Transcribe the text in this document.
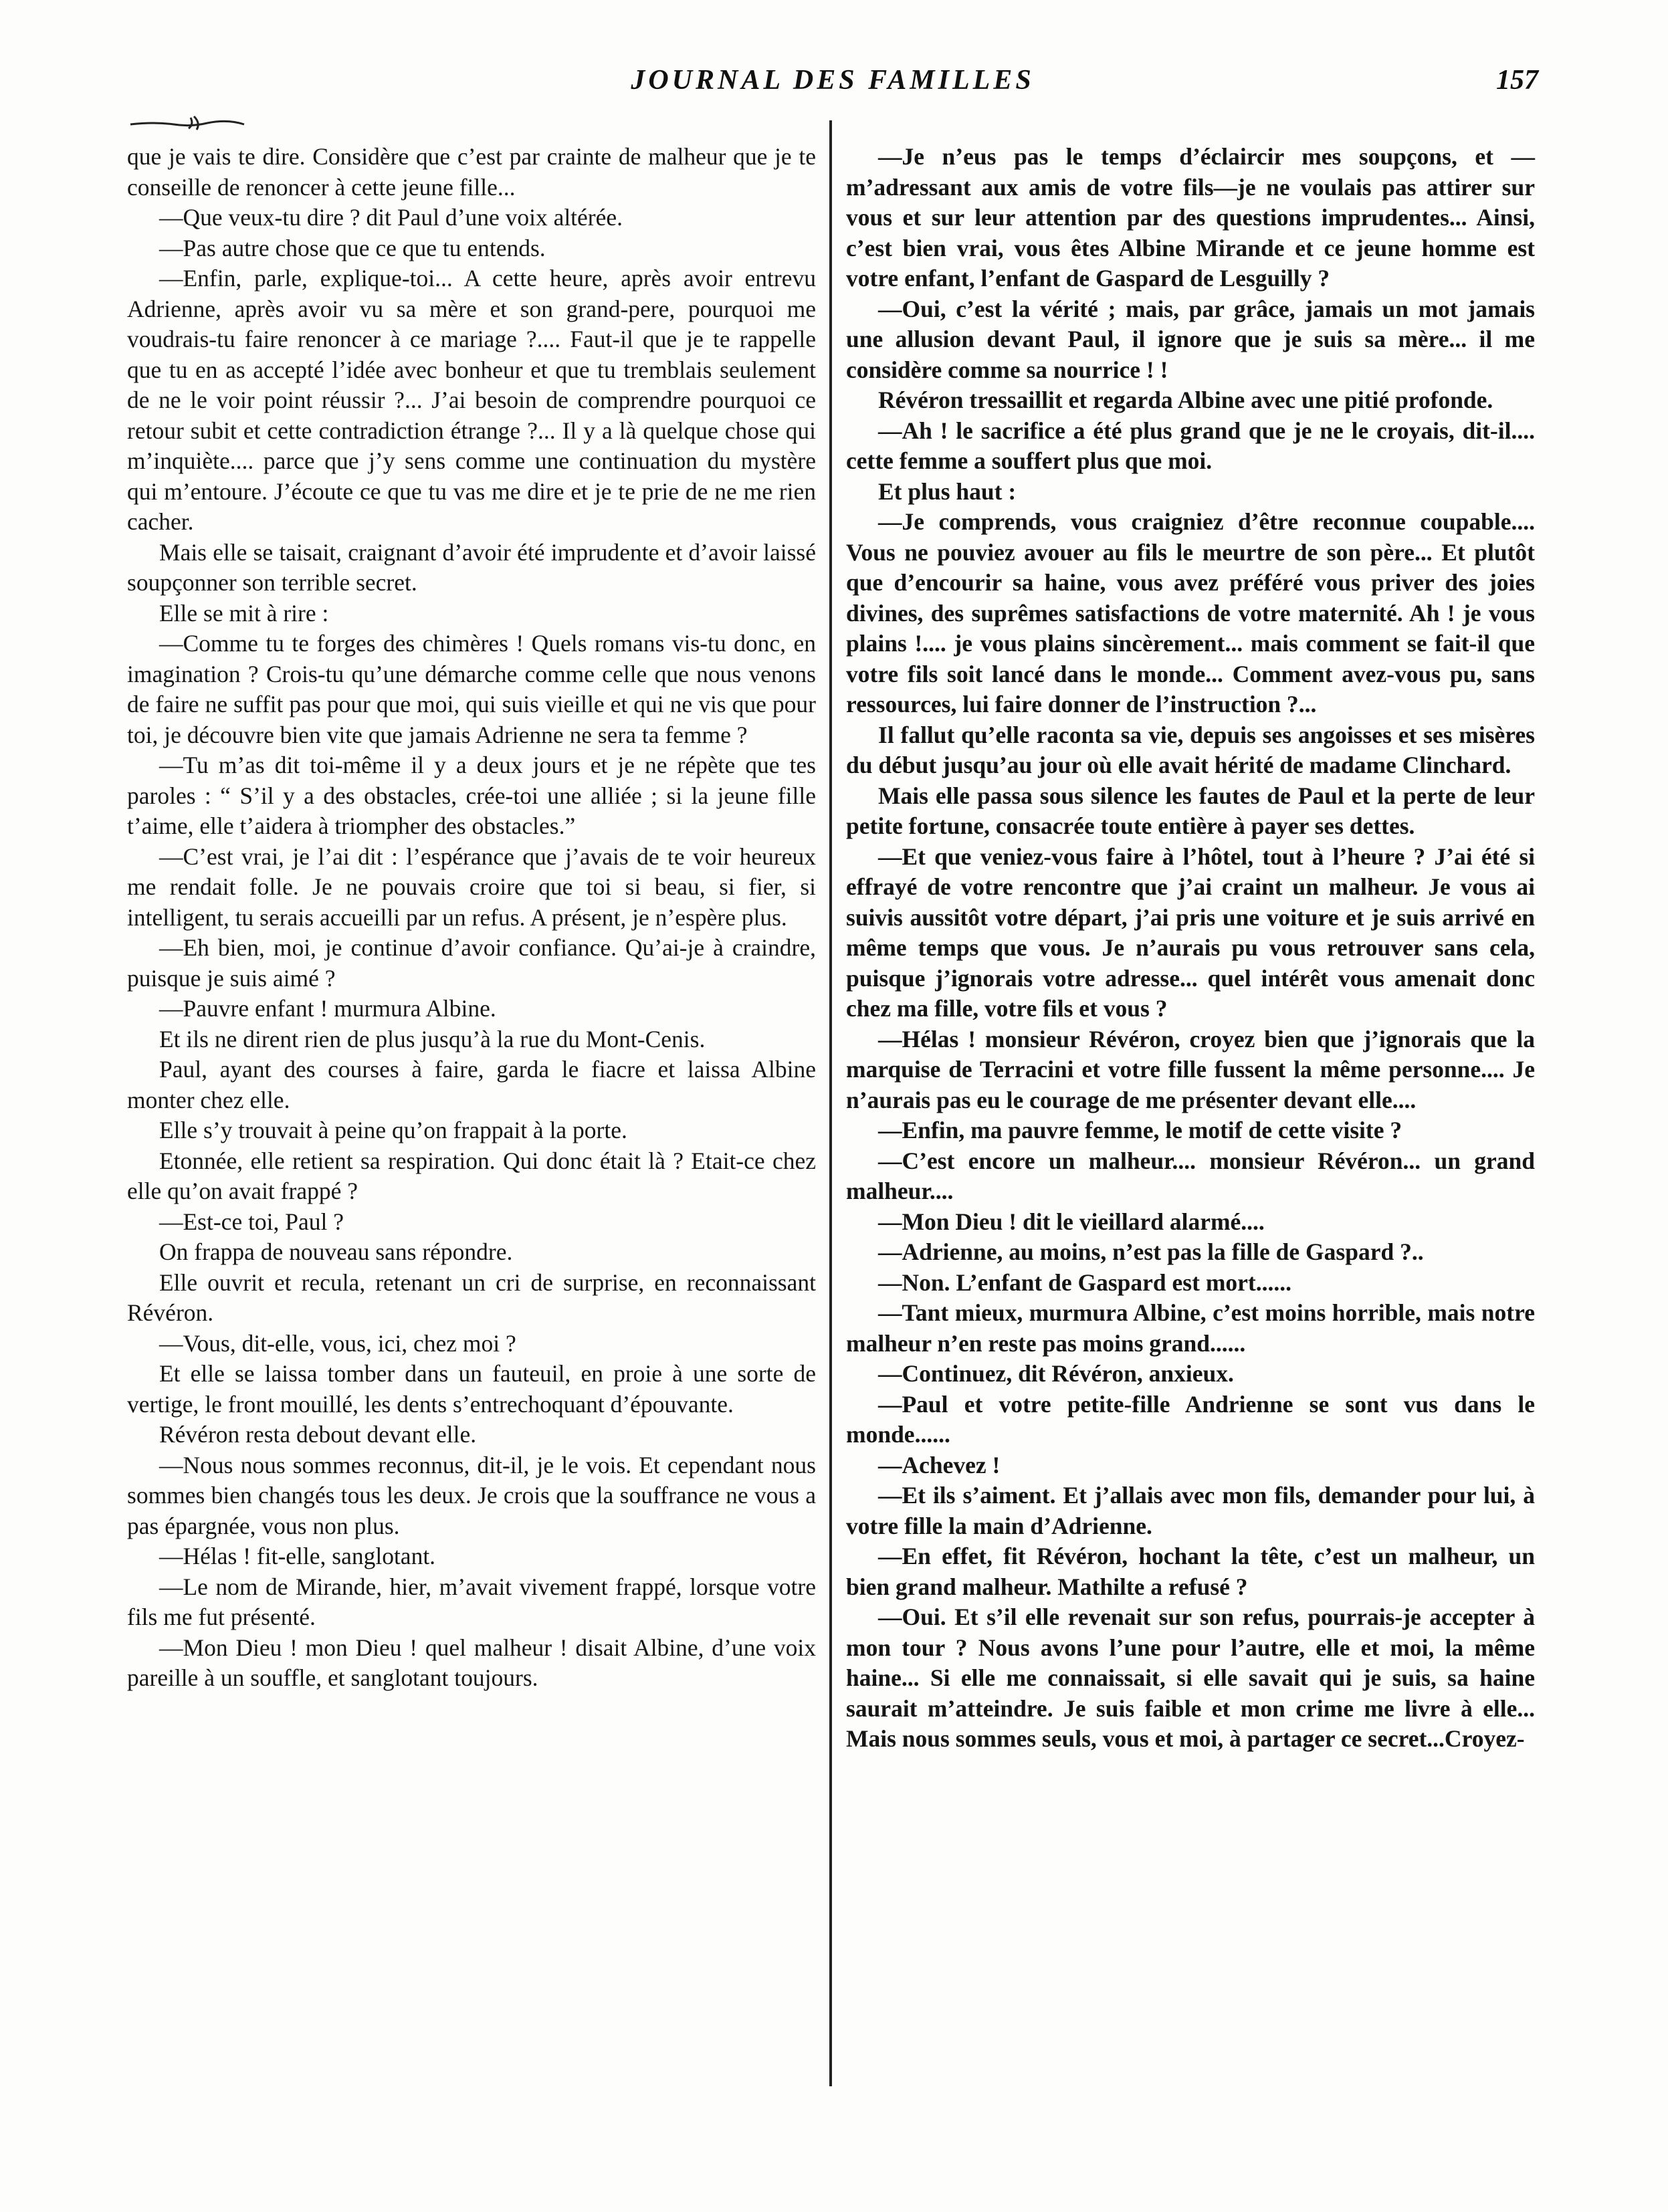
JOURNAL DES FAMILLES	157

que je vais te dire. Considère que c’est par crainte de malheur que je te conseille de renoncer à cette jeune fille...

—Que veux-tu dire ? dit Paul d’une voix altérée.

—Pas autre chose que ce que tu entends.

—Enfin, parle, explique-toi... A cette heure, après avoir entrevu Adrienne, après avoir vu sa mère et son grand-pere, pourquoi me voudrais-tu faire renoncer à ce mariage ?.... Faut-il que je te rappelle que tu en as accepté l’idée avec bonheur et que tu tremblais seulement de ne le voir point réussir ?... J’ai besoin de comprendre pourquoi ce retour subit et cette contradiction étrange ?... Il y a là quelque chose qui m’inquiète.... parce que j’y sens comme une continuation du mystère qui m’entoure. J’écoute ce que tu vas me dire et je te prie de ne me rien cacher.

Mais elle se taisait, craignant d’avoir été imprudente et d’avoir laissé soupçonner son terrible secret.

Elle se mit à rire :

—Comme tu te forges des chimères ! Quels romans vis-tu donc, en imagination ? Crois-tu qu’une démarche comme celle que nous venons de faire ne suffit pas pour que moi, qui suis vieille et qui ne vis que pour toi, je découvre bien vite que jamais Adrienne ne sera ta femme ?

—Tu m’as dit toi-même il y a deux jours et je ne répète que tes paroles : “ S’il y a des obstacles, crée-toi une alliée ; si la jeune fille t’aime, elle t’aidera à triompher des obstacles.”

—C’est vrai, je l’ai dit : l’espérance que j’avais de te voir heureux me rendait folle. Je ne pouvais croire que toi si beau, si fier, si intelligent, tu serais accueilli par un refus. A présent, je n’espère plus.

—Eh bien, moi, je continue d’avoir confiance. Qu’ai-je à craindre, puisque je suis aimé ?

—Pauvre enfant ! murmura Albine.

Et ils ne dirent rien de plus jusqu’à la rue du Mont-Cenis.

Paul, ayant des courses à faire, garda le fiacre et laissa Albine monter chez elle.

Elle s’y trouvait à peine qu’on frappait à la porte.

Etonnée, elle retient sa respiration. Qui donc était là ? Etait-ce chez elle qu’on avait frappé ?

—Est-ce toi, Paul ?

On frappa de nouveau sans répondre.

Elle ouvrit et recula, retenant un cri de surprise, en reconnaissant Révéron.

—Vous, dit-elle, vous, ici, chez moi ?

Et elle se laissa tomber dans un fauteuil, en proie à une sorte de vertige, le front mouillé, les dents s’entrechoquant d’épouvante.

Révéron resta debout devant elle.

—Nous nous sommes reconnus, dit-il, je le vois. Et cependant nous sommes bien changés tous les deux. Je crois que la souffrance ne vous a pas épargnée, vous non plus.

—Hélas ! fit-elle, sanglotant.

—Le nom de Mirande, hier, m’avait vivement frappé, lorsque votre fils me fut présenté.

—Mon Dieu ! mon Dieu ! quel malheur ! disait Albine, d’une voix pareille à un souffle, et sanglotant toujours.

—Je n’eus pas le temps d’éclaircir mes soupçons, et —m’adressant aux amis de votre fils—je ne voulais pas attirer sur vous et sur leur attention par des questions imprudentes... Ainsi, c’est bien vrai, vous êtes Albine Mirande et ce jeune homme est votre enfant, l’enfant de Gaspard de Lesguilly ?

—Oui, c’est la vérité ; mais, par grâce, jamais un mot jamais une allusion devant Paul, il ignore que je suis sa mère... il me considère comme sa nourrice ! !

Révéron tressaillit et regarda Albine avec une pitié profonde.

—Ah ! le sacrifice a été plus grand que je ne le croyais, dit-il.... cette femme a souffert plus que moi.

Et plus haut :

—Je comprends, vous craigniez d’être reconnue coupable.... Vous ne pouviez avouer au fils le meurtre de son père... Et plutôt que d’encourir sa haine, vous avez préféré vous priver des joies divines, des suprêmes satisfactions de votre maternité. Ah ! je vous plains !.... je vous plains sincèrement... mais comment se fait-il que votre fils soit lancé dans le monde... Comment avez-vous pu, sans ressources, lui faire donner de l’instruction ?...

Il fallut qu’elle raconta sa vie, depuis ses angoisses et ses misères du début jusqu’au jour où elle avait hérité de madame Clinchard.

Mais elle passa sous silence les fautes de Paul et la perte de leur petite fortune, consacrée toute entière à payer ses dettes.

—Et que veniez-vous faire à l’hôtel, tout à l’heure ? J’ai été si effrayé de votre rencontre que j’ai craint un malheur. Je vous ai suivis aussitôt votre départ, j’ai pris une voiture et je suis arrivé en même temps que vous. Je n’aurais pu vous retrouver sans cela, puisque j’ignorais votre adresse... quel intérêt vous amenait donc chez ma fille, votre fils et vous ?

—Hélas ! monsieur Révéron, croyez bien que j’ignorais que la marquise de Terracini et votre fille fussent la même personne.... Je n’aurais pas eu le courage de me présenter devant elle....

—Enfin, ma pauvre femme, le motif de cette visite ?

—C’est encore un malheur.... monsieur Révéron... un grand malheur....

—Mon Dieu ! dit le vieillard alarmé....

—Adrienne, au moins, n’est pas la fille de Gaspard ?..

—Non. L’enfant de Gaspard est mort......

—Tant mieux, murmura Albine, c’est moins horrible, mais notre malheur n’en reste pas moins grand......

—Continuez, dit Révéron, anxieux.

—Paul et votre petite-fille Andrienne se sont vus dans le monde......

—Achevez !

—Et ils s’aiment. Et j’allais avec mon fils, demander pour lui, à votre fille la main d’Adrienne.

—En effet, fit Révéron, hochant la tête, c’est un malheur, un bien grand malheur. Mathilte a refusé ?

—Oui. Et s’il elle revenait sur son refus, pourrais-je accepter à mon tour ? Nous avons l’une pour l’autre, elle et moi, la même haine... Si elle me connaissait, si elle savait qui je suis, sa haine saurait m’atteindre. Je suis faible et mon crime me livre à elle... Mais nous sommes seuls, vous et moi, à partager ce secret...Croyez-
